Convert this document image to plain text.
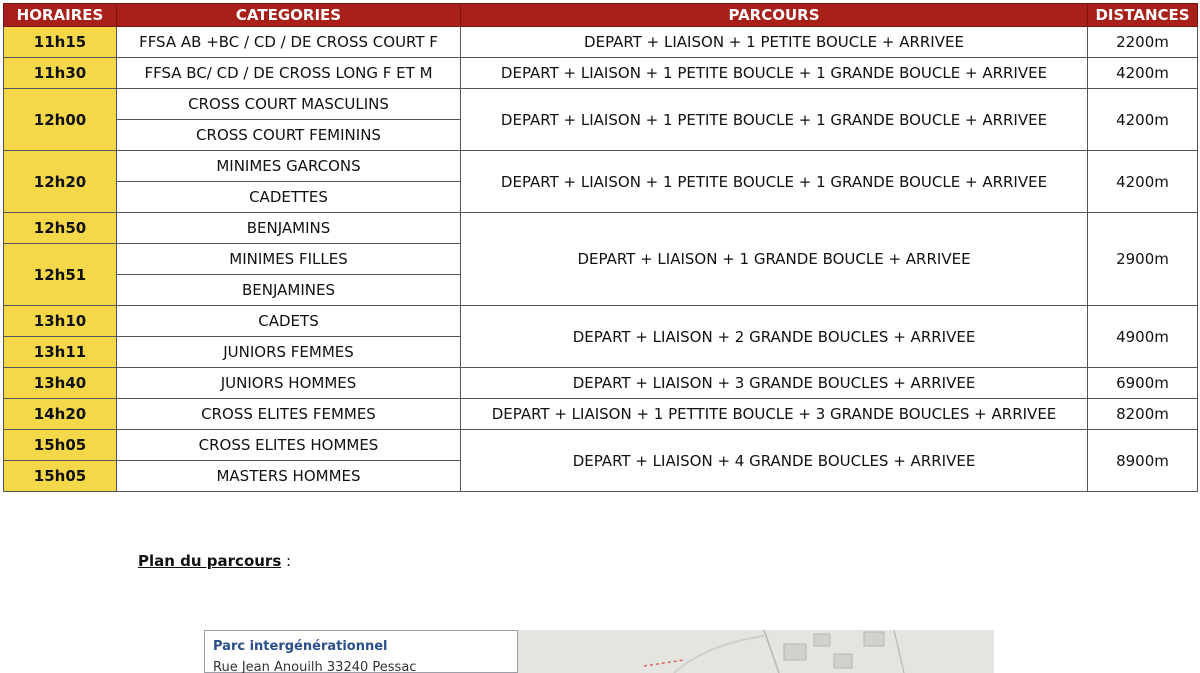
HORAIRES	CATEGORIES	PARCOURS	DISTANCES
11h15	FFSA AB +BC / CD / DE CROSS COURT F	DEPART + LIAISON + 1 PETITE BOUCLE + ARRIVEE	2200m
11h30	FFSA BC/ CD / DE CROSS LONG F ET M	DEPART + LIAISON + 1 PETITE BOUCLE + 1 GRANDE BOUCLE + ARRIVEE	4200m
12h00	CROSS COURT MASCULINS	DEPART + LIAISON + 1 PETITE BOUCLE + 1 GRANDE BOUCLE + ARRIVEE	4200m
	CROSS COURT FEMININS		
12h20	MINIMES GARCONS	DEPART + LIAISON + 1 PETITE BOUCLE + 1 GRANDE BOUCLE + ARRIVEE	4200m
	CADETTES		
12h50	BENJAMINS	DEPART + LIAISON + 1 GRANDE BOUCLE + ARRIVEE	2900m
12h51	MINIMES FILLES		
	BENJAMINES		
13h10	CADETS	DEPART + LIAISON + 2 GRANDE BOUCLES + ARRIVEE	4900m
13h11	JUNIORS FEMMES		
13h40	JUNIORS HOMMES	DEPART + LIAISON + 3 GRANDE BOUCLES + ARRIVEE	6900m
14h20	CROSS ELITES FEMMES	DEPART + LIAISON + 1 PETTITE BOUCLE + 3 GRANDE BOUCLES + ARRIVEE	8200m
15h05	CROSS ELITES HOMMES	DEPART + LIAISON + 4 GRANDE BOUCLES + ARRIVEE	8900m
15h05	MASTERS HOMMES		
Plan du parcours :
Parc intergénérationnel
Rue Jean Anouilh 33240 Pessac
